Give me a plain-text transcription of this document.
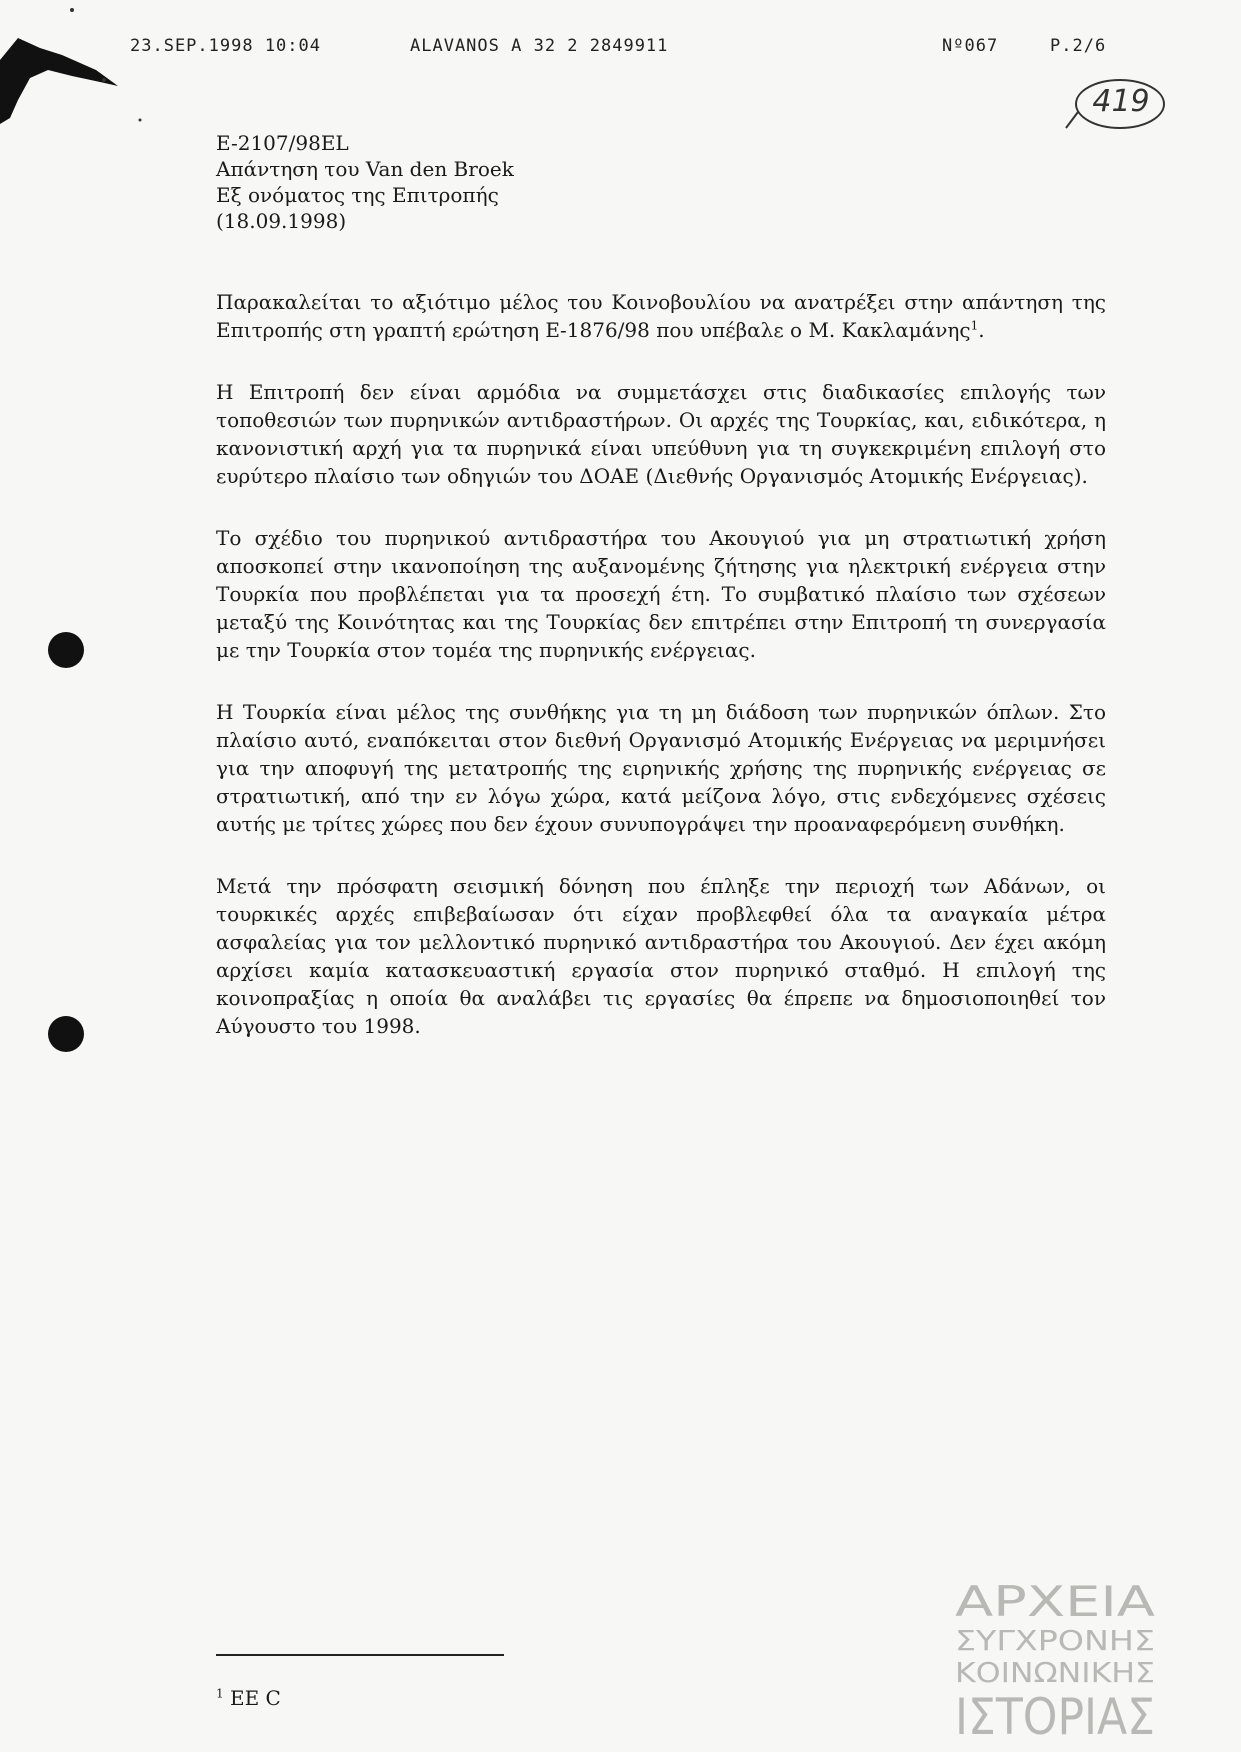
23.SEP.1998 10:04	ALAVANOS A 32 2 2849911	Nº067	P.2/6
419
E-2107/98EL
Απάντηση του Van den Broek
Εξ ονόματος της Επιτροπής
(18.09.1998)

Παρακαλείται το αξιότιμο μέλος του Κοινοβουλίου να ανατρέξει στην απάντηση της Επιτροπής στη γραπτή ερώτηση Ε-1876/98 που υπέβαλε ο Μ. Κακλαμάνης$^1$.

Η Επιτροπή δεν είναι αρμόδια να συμμετάσχει στις διαδικασίες επιλογής των τοποθεσιών των πυρηνικών αντιδραστήρων. Οι αρχές της Τουρκίας, και, ειδικότερα, η κανονιστική αρχή για τα πυρηνικά είναι υπεύθυνη για τη συγκεκριμένη επιλογή στο ευρύτερο πλαίσιο των οδηγιών του ΔΟΑΕ (Διεθνής Οργανισμός Ατομικής Ενέργειας).

Το σχέδιο του πυρηνικού αντιδραστήρα του Ακουγιού για μη στρατιωτική χρήση αποσκοπεί στην ικανοποίηση της αυξανομένης ζήτησης για ηλεκτρική ενέργεια στην Τουρκία που προβλέπεται για τα προσεχή έτη. Το συμβατικό πλαίσιο των σχέσεων μεταξύ της Κοινότητας και της Τουρκίας δεν επιτρέπει στην Επιτροπή τη συνεργασία με την Τουρκία στον τομέα της πυρηνικής ενέργειας.

Η Τουρκία είναι μέλος της συνθήκης για τη μη διάδοση των πυρηνικών όπλων. Στο πλαίσιο αυτό, εναπόκειται στον διεθνή Οργανισμό Ατομικής Ενέργειας να μεριμνήσει για την αποφυγή της μετατροπής της ειρηνικής χρήσης της πυρηνικής ενέργειας σε στρατιωτική, από την εν λόγω χώρα, κατά μείζονα λόγο, στις ενδεχόμενες σχέσεις αυτής με τρίτες χώρες που δεν έχουν συνυπογράψει την προαναφερόμενη συνθήκη.

Μετά την πρόσφατη σεισμική δόνηση που έπληξε την περιοχή των Αδάνων, οι τουρκικές αρχές επιβεβαίωσαν ότι είχαν προβλεφθεί όλα τα αναγκαία μέτρα ασφαλείας για τον μελλοντικό πυρηνικό αντιδραστήρα του Ακουγιού. Δεν έχει ακόμη αρχίσει καμία κατασκευαστική εργασία στον πυρηνικό σταθμό. Η επιλογή της κοινοπραξίας η οποία θα αναλάβει τις εργασίες θα έπρεπε να δημοσιοποιηθεί τον Αύγουστο του 1998.

$^1$ EE C
ΑΡΧΕΙΑ
ΣΥΓΧΡΟΝΗΣ
ΚΟΙΝΩΝΙΚΗΣ
ΙΣΤΟΡΙΑΣ
